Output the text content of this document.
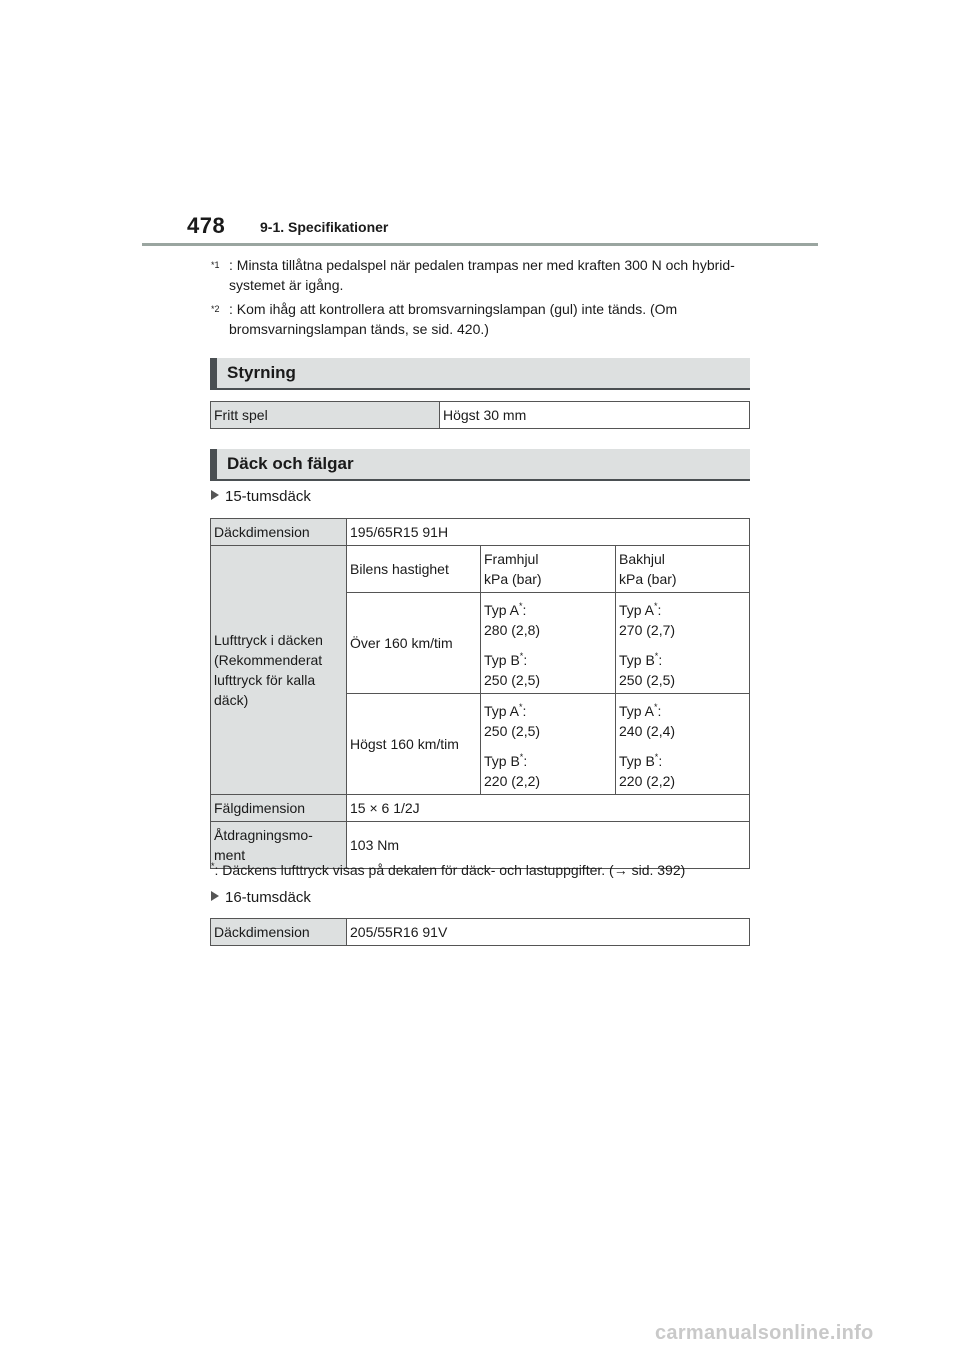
478 9-1. Specifikationer
$^{*1}$ : Minsta tillåtna pedalspel när pedalen trampas ner med kraften 300 N och hybrid-systemet är igång.
$^{*2}$ : Kom ihåg att kontrollera att bromsvarningslampan (gul) inte tänds. (Om bromsvarningslampan tänds, se sid. 420.)
Styrning
Fritt spel	Högst 30 mm
Däck och fälgar
15-tumsdäck
Däckdimension	195/65R15 91H		
Lufttryck i däcken (Rekommenderat lufttryck för kalla däck)	Bilens hastighet	Framhjul
kPa (bar)	Bakhjul
kPa (bar)
	Över 160 km/tim	Typ A*:
280 (2,8)
Typ B*:
250 (2,5)	Typ A*:
270 (2,7)
Typ B*:
250 (2,5)
	Högst 160 km/tim	Typ A*:
250 (2,5)
Typ B*:
220 (2,2)	Typ A*:
240 (2,4)
Typ B*:
220 (2,2)
Fälgdimension	15 × 6 1/2J		
Åtdragningsmo-
ment	103 Nm		
*: Däckens lufttryck visas på dekalen för däck- och lastuppgifter. (→ sid. 392)
16-tumsdäck
Däckdimension	205/55R16 91V
carmanualsonline.info
